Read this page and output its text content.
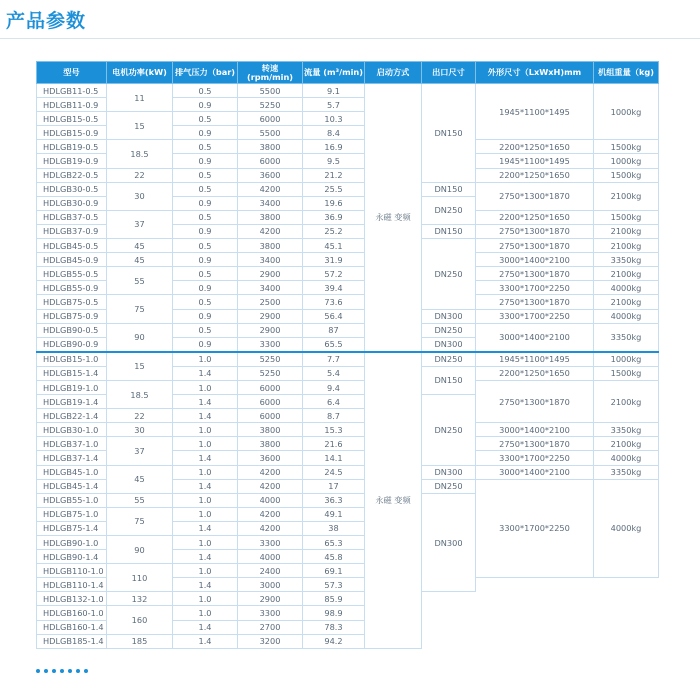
产品参数
型号	电机功率(kW)	排气压力（bar)	转速 (rpm/min)	流量 (m³/min)	启动方式	出口尺寸	外形尺寸（LxWxH)mm	机组重量（kg)
HDLGB11-0.5	11	0.5	5500	9.1	永磁 变频	DN150	1945*1100*1495	1000kg
HDLGB11-0.9		0.9	5250	5.7				
HDLGB15-0.5	15	0.5	6000	10.3				
HDLGB15-0.9		0.9	5500	8.4				
HDLGB19-0.5	18.5	0.5	3800	16.9			2200*1250*1650	1500kg
HDLGB19-0.9		0.9	6000	9.5			1945*1100*1495	1000kg
HDLGB22-0.5	22	0.5	3600	21.2			2200*1250*1650	1500kg
HDLGB30-0.5	30	0.5	4200	25.5		DN150	2750*1300*1870	2100kg
HDLGB30-0.9		0.9	3400	19.6		DN250		
HDLGB37-0.5	37	0.5	3800	36.9			2200*1250*1650	1500kg
HDLGB37-0.9		0.9	4200	25.2		DN150	2750*1300*1870	2100kg
HDLGB45-0.5	45	0.5	3800	45.1		DN250	2750*1300*1870	2100kg
HDLGB45-0.9	45	0.9	3400	31.9			3000*1400*2100	3350kg
HDLGB55-0.5	55	0.5	2900	57.2			2750*1300*1870	2100kg
HDLGB55-0.9		0.9	3400	39.4			3300*1700*2250	4000kg
HDLGB75-0.5	75	0.5	2500	73.6			2750*1300*1870	2100kg
HDLGB75-0.9		0.9	2900	56.4		DN300	3300*1700*2250	4000kg
HDLGB90-0.5	90	0.5	2900	87		DN250	3000*1400*2100	3350kg
HDLGB90-0.9		0.9	3300	65.5		DN300		
HDLGB15-1.0	15	1.0	5250	7.7	永磁 变频	DN250	1945*1100*1495	1000kg
HDLGB15-1.4		1.4	5250	5.4		DN150	2200*1250*1650	1500kg
HDLGB19-1.0	18.5	1.0	6000	9.4			2750*1300*1870	2100kg
HDLGB19-1.4		1.4	6000	6.4		DN250		
HDLGB22-1.4	22	1.4	6000	8.7				
HDLGB30-1.0	30	1.0	3800	15.3			3000*1400*2100	3350kg
HDLGB37-1.0	37	1.0	3800	21.6			2750*1300*1870	2100kg
HDLGB37-1.4		1.4	3600	14.1			3300*1700*2250	4000kg
HDLGB45-1.0	45	1.0	4200	24.5		DN300	3000*1400*2100	3350kg
HDLGB45-1.4		1.4	4200	17		DN250	3300*1700*2250	4000kg
HDLGB55-1.0	55	1.0	4000	36.3		DN300		
HDLGB75-1.0	75	1.0	4200	49.1				
HDLGB75-1.4		1.4	4200	38				
HDLGB90-1.0	90	1.0	3300	65.3				
HDLGB90-1.4		1.4	4000	45.8				
HDLGB110-1.0	110	1.0	2400	69.1				
HDLGB110-1.4		1.4	3000	57.3				
HDLGB132-1.0	132	1.0	2900	85.9				
HDLGB160-1.0	160	1.0	3300	98.9				
HDLGB160-1.4		1.4	2700	78.3				
HDLGB185-1.4	185	1.4	3200	94.2				
